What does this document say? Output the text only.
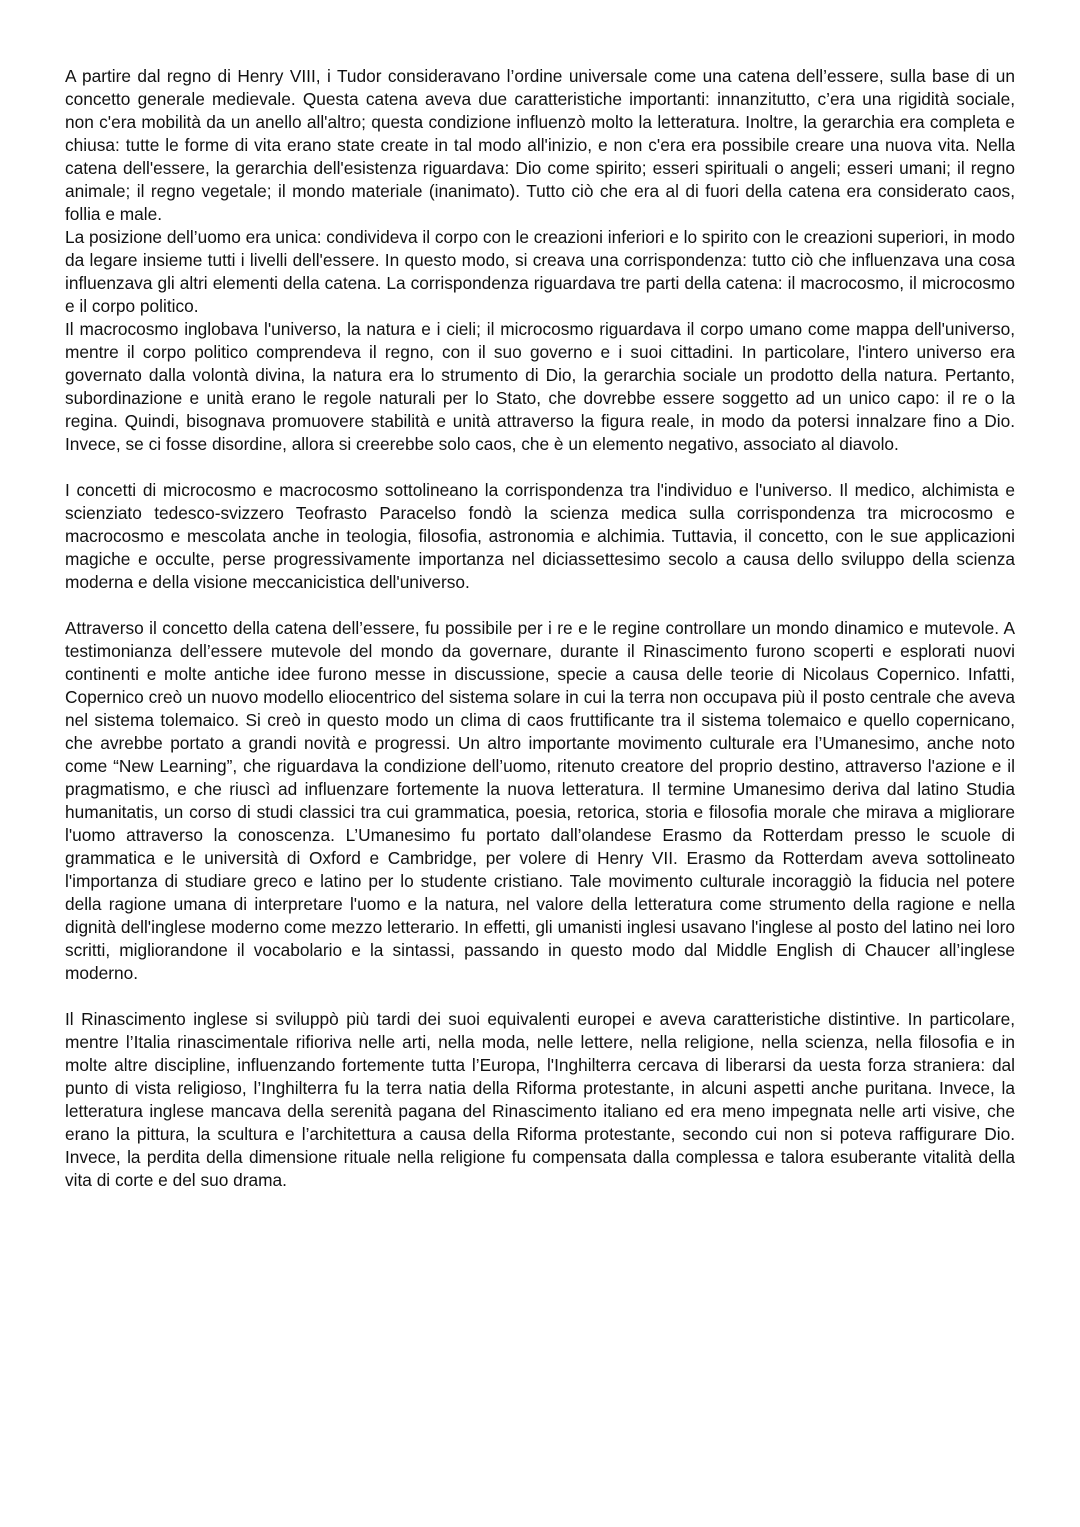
A partire dal regno di Henry VIII, i Tudor consideravano l’ordine universale come una catena dell’essere, sulla base di un concetto generale medievale. Questa catena aveva due caratteristiche importanti: innanzitutto, c’era una rigidità sociale, non c'era mobilità da un anello all'altro; questa condizione influenzò molto la letteratura. Inoltre, la gerarchia era completa e chiusa: tutte le forme di vita erano state create in tal modo all'inizio, e non c'era era possibile creare una nuova vita. Nella catena dell'essere, la gerarchia dell'esistenza riguardava: Dio come spirito; esseri spirituali o angeli; esseri umani; il regno animale; il regno vegetale; il mondo materiale (inanimato). Tutto ciò che era al di fuori della catena era considerato caos, follia e male.

La posizione dell’uomo era unica: condivideva il corpo con le creazioni inferiori e lo spirito con le creazioni superiori, in modo da legare insieme tutti i livelli dell'essere. In questo modo, si creava una corrispondenza: tutto ciò che influenzava una cosa influenzava gli altri elementi della catena. La corrispondenza riguardava tre parti della catena: il macrocosmo, il microcosmo e il corpo politico.

Il macrocosmo inglobava l'universo, la natura e i cieli; il microcosmo riguardava il corpo umano come mappa dell'universo, mentre il corpo politico comprendeva il regno, con il suo governo e i suoi cittadini. In particolare, l'intero universo era governato dalla volontà divina, la natura era lo strumento di Dio, la gerarchia sociale un prodotto della natura. Pertanto, subordinazione e unità erano le regole naturali per lo Stato, che dovrebbe essere soggetto ad un unico capo: il re o la regina. Quindi, bisognava promuovere stabilità e unità attraverso la figura reale, in modo da potersi innalzare fino a Dio. Invece, se ci fosse disordine, allora si creerebbe solo caos, che è un elemento negativo, associato al diavolo.

I concetti di microcosmo e macrocosmo sottolineano la corrispondenza tra l'individuo e l'universo. Il medico, alchimista e scienziato tedesco-svizzero Teofrasto Paracelso fondò la scienza medica sulla corrispondenza tra microcosmo e macrocosmo e mescolata anche in teologia, filosofia, astronomia e alchimia. Tuttavia, il concetto, con le sue applicazioni magiche e occulte, perse progressivamente importanza nel diciassettesimo secolo a causa dello sviluppo della scienza moderna e della visione meccanicistica dell'universo.

Attraverso il concetto della catena dell’essere, fu possibile per i re e le regine controllare un mondo dinamico e mutevole. A testimonianza dell’essere mutevole del mondo da governare, durante il Rinascimento furono scoperti e esplorati nuovi continenti e molte antiche idee furono messe in discussione, specie a causa delle teorie di Nicolaus Copernico. Infatti, Copernico creò un nuovo modello eliocentrico del sistema solare in cui la terra non occupava più il posto centrale che aveva nel sistema tolemaico. Si creò in questo modo un clima di caos fruttificante tra il sistema tolemaico e quello copernicano, che avrebbe portato a grandi novità e progressi. Un altro importante movimento culturale era l’Umanesimo, anche noto come “New Learning”, che riguardava la condizione dell’uomo, ritenuto creatore del proprio destino, attraverso l'azione e il pragmatismo, e che riuscì ad influenzare fortemente la nuova letteratura. Il termine Umanesimo deriva dal latino Studia humanitatis, un corso di studi classici tra cui grammatica, poesia, retorica, storia e filosofia morale che mirava a migliorare l'uomo attraverso la conoscenza. L’Umanesimo fu portato dall’olandese Erasmo da Rotterdam presso le scuole di grammatica e le università di Oxford e Cambridge, per volere di Henry VII. Erasmo da Rotterdam aveva sottolineato l'importanza di studiare greco e latino per lo studente cristiano. Tale movimento culturale incoraggiò la fiducia nel potere della ragione umana di interpretare l'uomo e la natura, nel valore della letteratura come strumento della ragione e nella dignità dell'inglese moderno come mezzo letterario. In effetti, gli umanisti inglesi usavano l'inglese al posto del latino nei loro scritti, migliorandone il vocabolario e la sintassi, passando in questo modo dal Middle English di Chaucer all’inglese moderno.

Il Rinascimento inglese si sviluppò più tardi dei suoi equivalenti europei e aveva caratteristiche distintive. In particolare, mentre l’Italia rinascimentale rifioriva nelle arti, nella moda, nelle lettere, nella religione, nella scienza, nella filosofia e in molte altre discipline, influenzando fortemente tutta l’Europa, l'Inghilterra cercava di liberarsi da uesta forza straniera: dal punto di vista religioso, l’Inghilterra fu la terra natia della Riforma protestante, in alcuni aspetti anche puritana. Invece, la letteratura inglese mancava della serenità pagana del Rinascimento italiano ed era meno impegnata nelle arti visive, che erano la pittura, la scultura e l’architettura a causa della Riforma protestante, secondo cui non si poteva raffigurare Dio. Invece, la perdita della dimensione rituale nella religione fu compensata dalla complessa e talora esuberante vitalità della vita di corte e del suo drama.
